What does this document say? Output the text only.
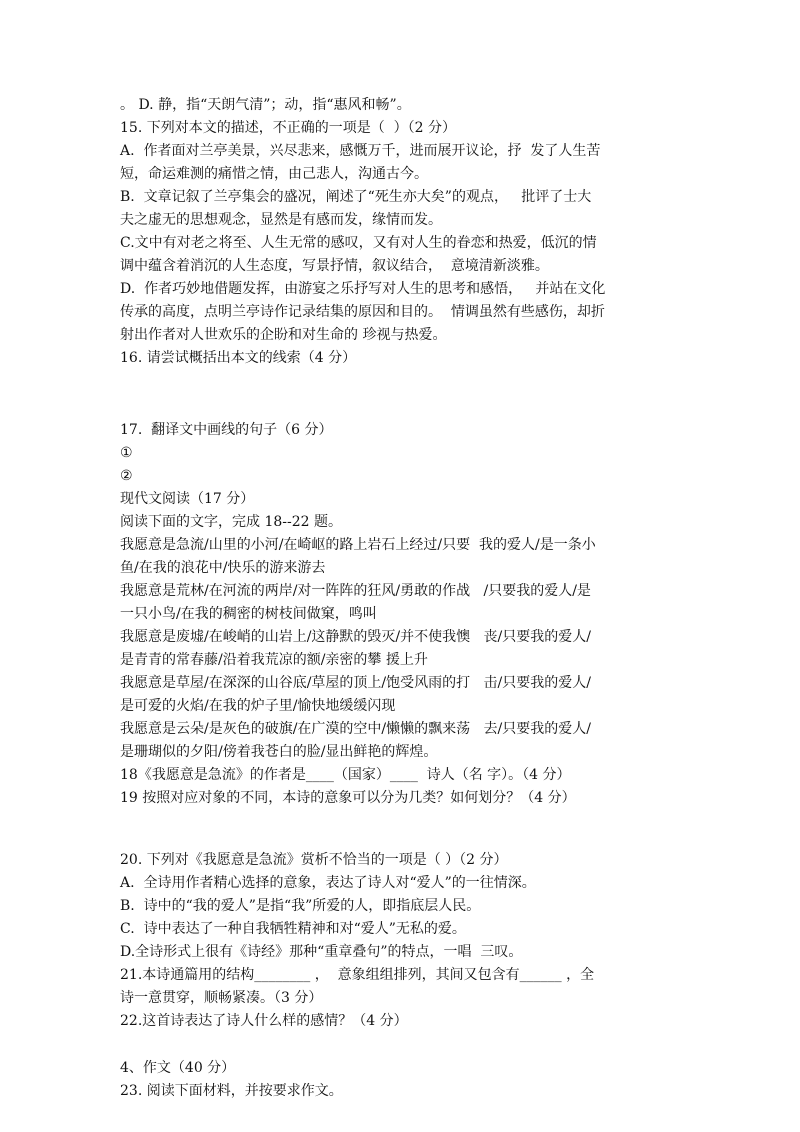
。 D. 静，指“天朗气清”；动，指“惠风和畅”。
15. 下列对本文的描述，不正确的一项是（  ）（2 分）
A.  作者面对兰亭美景，兴尽悲来，感慨万千，进而展开议论，抒  发了人生苦
短，命运难测的痛惜之情，由己悲人，沟通古今。
B.  文章记叙了兰亭集会的盛况，阐述了“死生亦大矣”的观点，   批评了士大
夫之虚无的思想观念，显然是有感而发，缘情而发。
C.文中有对老之将至、人生无常的感叹，又有对人生的眷恋和热爱，低沉的情
调中蕴含着消沉的人生态度，写景抒情，叙议结合，  意境清新淡雅。
D.  作者巧妙地借题发挥，由游宴之乐抒写对人生的思考和感悟，   并站在文化
传承的高度，点明兰亭诗作记录结集的原因和目的。  情调虽然有些感伤，却折
射出作者对人世欢乐的企盼和对生命的 珍视与热爱。
16. 请尝试概括出本文的线索（4 分）
17.  翻译文中画线的句子（6 分）
①
②
现代文阅读（17 分）
阅读下面的文字，完成 18--22 题。
我愿意是急流/山里的小河/在崎岖的路上岩石上经过/只要  我的爱人/是一条小
鱼/在我的浪花中/快乐的游来游去
我愿意是荒林/在河流的两岸/对一阵阵的狂风/勇敢的作战   /只要我的爱人/是
一只小鸟/在我的稠密的树枝间做窠，鸣叫
我愿意是废墟/在峻峭的山岩上/这静默的毁灭/并不使我懊   丧/只要我的爱人/
是青青的常春藤/沿着我荒凉的额/亲密的攀 援上升
我愿意是草屋/在深深的山谷底/草屋的顶上/饱受风雨的打   击/只要我的爱人/
是可爱的火焰/在我的炉子里/愉快地缓缓闪现
我愿意是云朵/是灰色的破旗/在广漠的空中/懒懒的飘来荡   去/只要我的爱人/
是珊瑚似的夕阳/傍着我苍白的脸/显出鲜艳的辉煌。
18《我愿意是急流》的作者是____（国家）____  诗人（名 字）。（4 分）
19 按照对应对象的不同，本诗的意象可以分为几类？如何划分？（4 分）
20. 下列对《我愿意是急流》赏析不恰当的一项是（ ）（2 分）
A.  全诗用作者精心选择的意象，表达了诗人对“爱人”的一往情深。
B.  诗中的“我的爱人”是指“我”所爱的人，即指底层人民。
C.  诗中表达了一种自我牺牲精神和对“爱人”无私的爱。
D.全诗形式上很有《诗经》那种“重章叠句”的特点，一唱  三叹。
21.本诗通篇用的结构________ ，  意象组组排列，其间又包含有______ ，全
诗一意贯穿，顺畅紧凑。（3 分）
22.这首诗表达了诗人什么样的感情？（4 分）
4、作文（40 分）
23. 阅读下面材料，并按要求作文。
